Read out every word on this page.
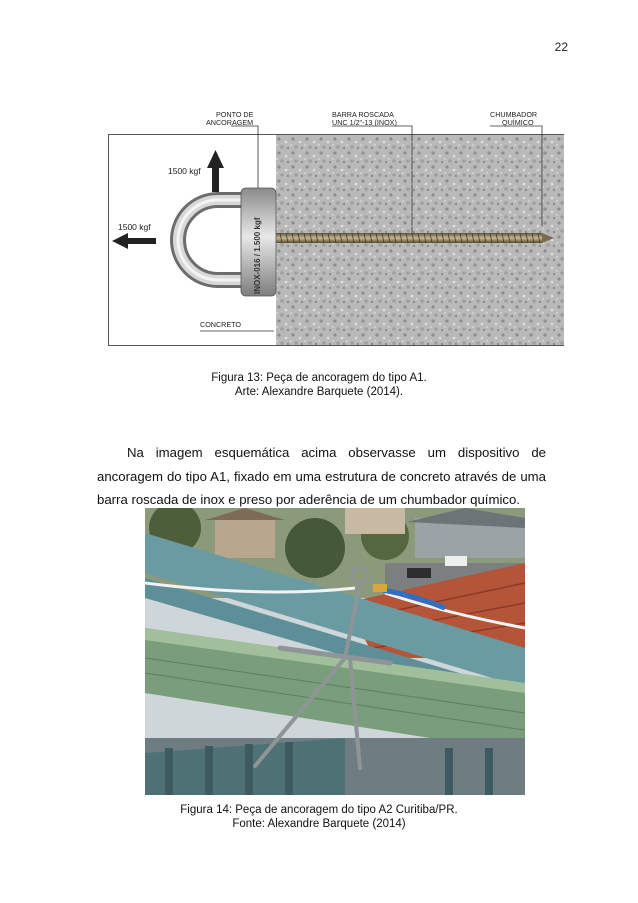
22
PONTO DE
ANCORAGEM
BARRA ROSCADA
UNC 1/2"-13 (INOX)
CHUMBADOR
QUÍMICO
CONCRETO
1500 kgf
1500 kgf	INOX-016 / 1.500 kgf
Figura 13: Peça de ancoragem do tipo A1.
Arte: Alexandre Barquete (2014).

Na imagem esquemática acima observasse um dispositivo de ancoragem do tipo A1, fixado em uma estrutura de concreto através de uma barra roscada de inox e preso por aderência de um chumbador químico.

Figura 14: Peça de ancoragem do tipo A2 Curitiba/PR.
Fonte: Alexandre Barquete (2014)
